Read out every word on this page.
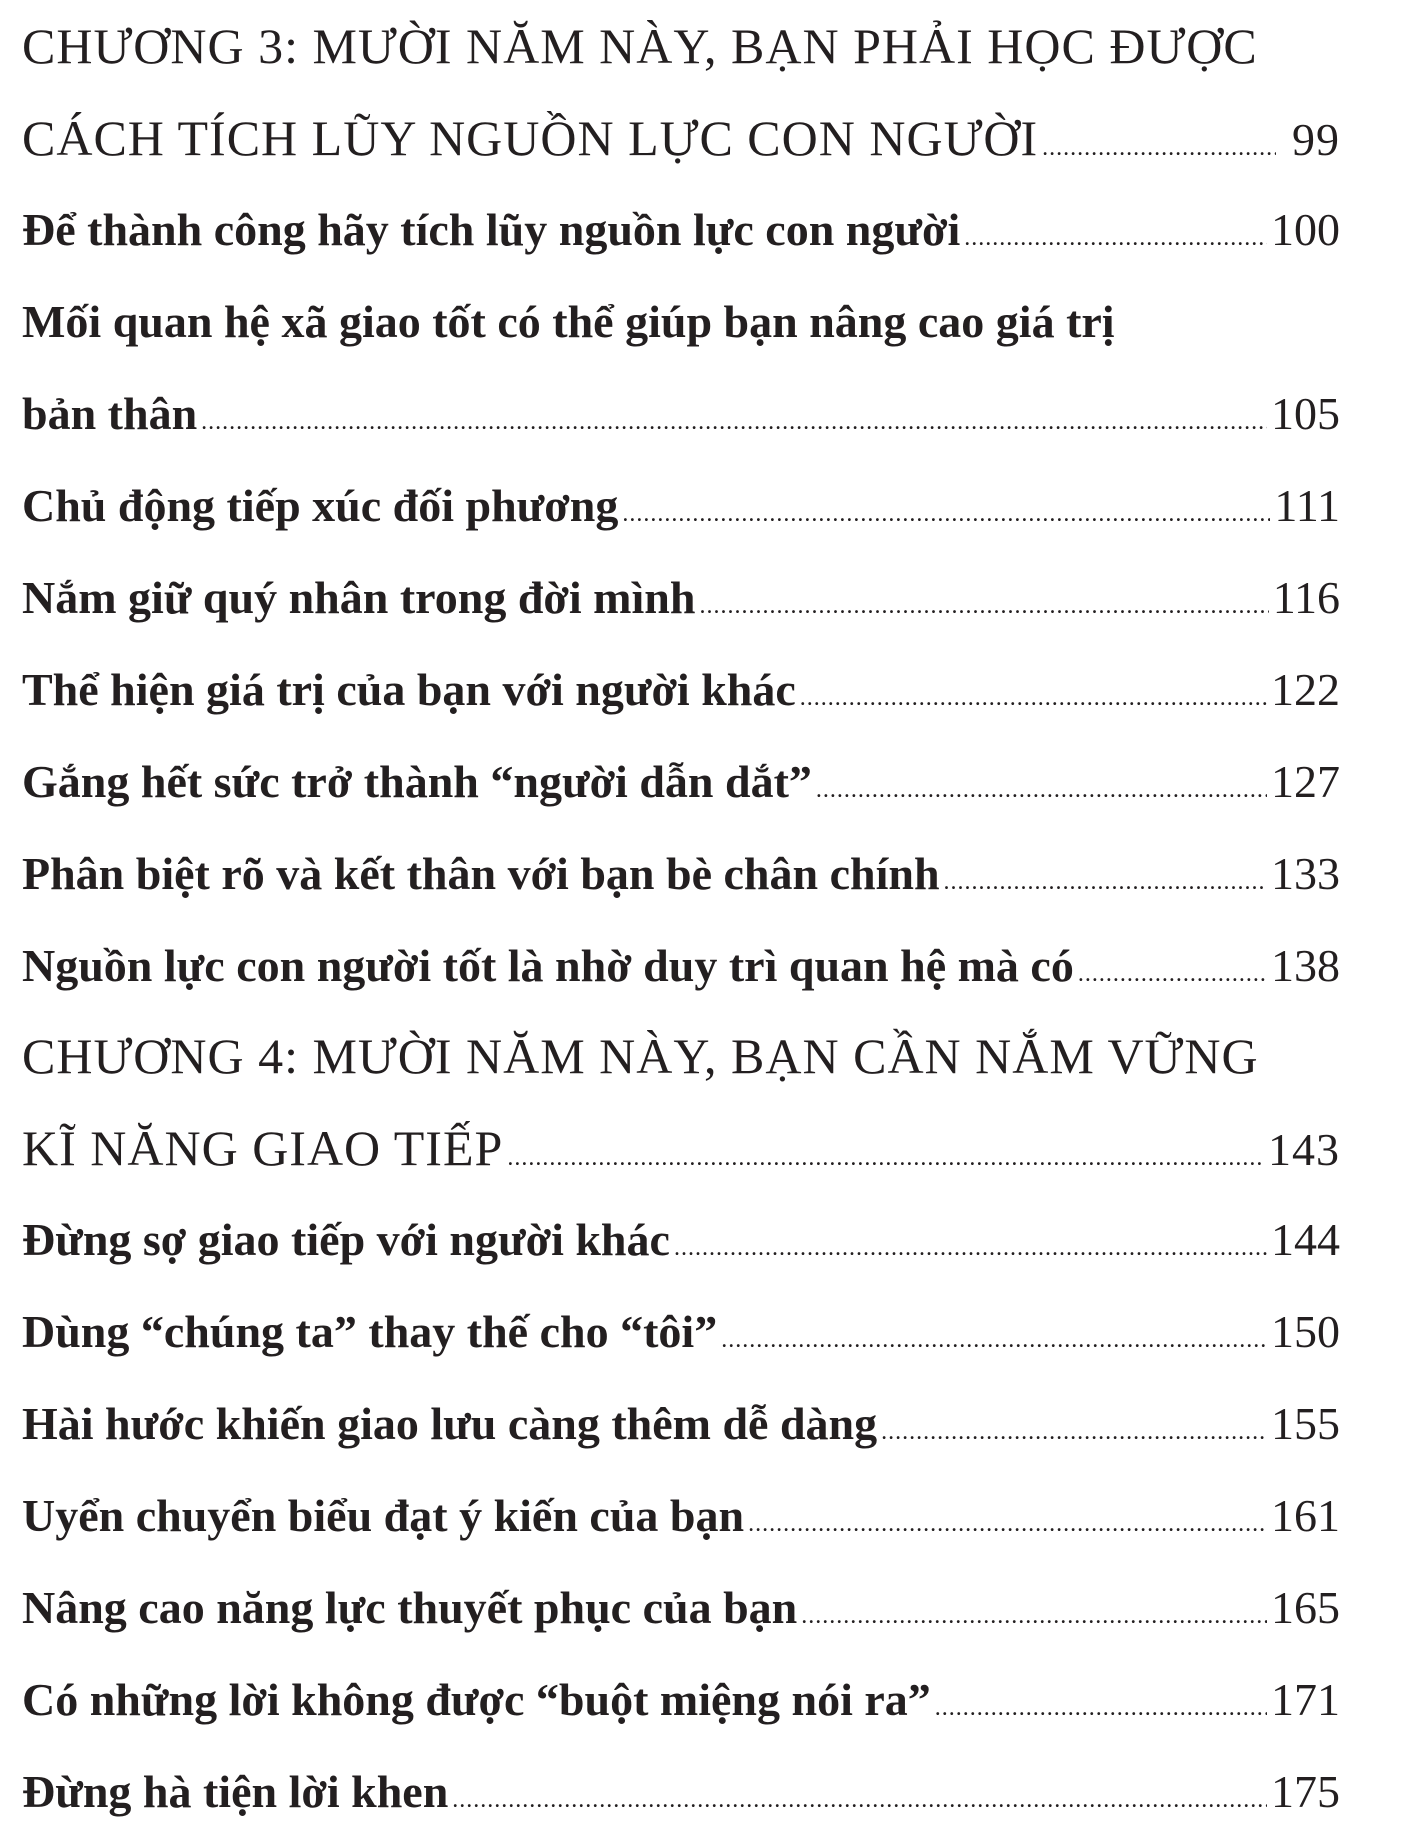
CHƯƠNG 3: MƯỜI NĂM NÀY, BẠN PHẢI HỌC ĐƯỢC
CÁCH TÍCH LŨY NGUỒN LỰC CON NGƯỜI .....	99
Để thành công hãy tích lũy nguồn lực con người .....	100
Mối quan hệ xã giao tốt có thể giúp bạn nâng cao giá trị
bản thân .....	105
Chủ động tiếp xúc đối phương .....	111
Nắm giữ quý nhân trong đời mình .....	116
Thể hiện giá trị của bạn với người khác .....	122
Gắng hết sức trở thành “người dẫn dắt” .....	127
Phân biệt rõ và kết thân với bạn bè chân chính .....	133
Nguồn lực con người tốt là nhờ duy trì quan hệ mà có .....	138
CHƯƠNG 4: MƯỜI NĂM NÀY, BẠN CẦN NẮM VỮNG
KĨ NĂNG GIAO TIẾP .....	143
Đừng sợ giao tiếp với người khác .....	144
Dùng “chúng ta” thay thế cho “tôi” .....	150
Hài hước khiến giao lưu càng thêm dễ dàng .....	155
Uyển chuyển biểu đạt ý kiến của bạn .....	161
Nâng cao năng lực thuyết phục của bạn .....	165
Có những lời không được “buột miệng nói ra” .....	171
Đừng hà tiện lời khen .....	175
